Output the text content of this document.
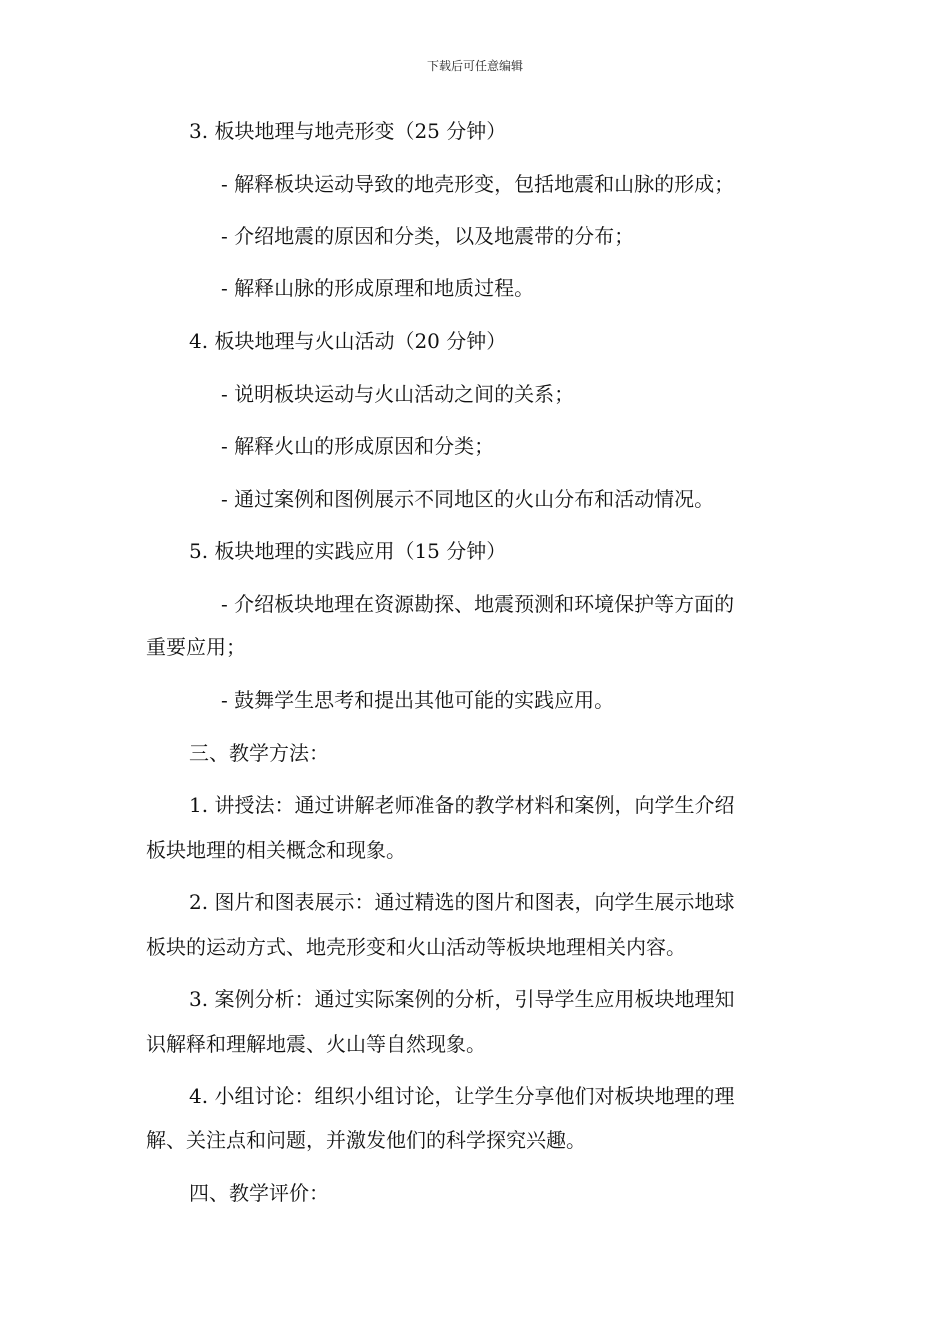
下载后可任意编辑
3. 板块地理与地壳形变（25 分钟）
- 解释板块运动导致的地壳形变，包括地震和山脉的形成；
- 介绍地震的原因和分类，以及地震带的分布；
- 解释山脉的形成原理和地质过程。
4. 板块地理与火山活动（20 分钟）
- 说明板块运动与火山活动之间的关系；
- 解释火山的形成原因和分类；
- 通过案例和图例展示不同地区的火山分布和活动情况。
5. 板块地理的实践应用（15 分钟）
- 介绍板块地理在资源勘探、地震预测和环境保护等方面的
重要应用；
- 鼓舞学生思考和提出其他可能的实践应用。
三、教学方法：
1. 讲授法：通过讲解老师准备的教学材料和案例，向学生介绍
板块地理的相关概念和现象。
2. 图片和图表展示：通过精选的图片和图表，向学生展示地球
板块的运动方式、地壳形变和火山活动等板块地理相关内容。
3. 案例分析：通过实际案例的分析，引导学生应用板块地理知
识解释和理解地震、火山等自然现象。
4. 小组讨论：组织小组讨论，让学生分享他们对板块地理的理
解、关注点和问题，并激发他们的科学探究兴趣。
四、教学评价：
